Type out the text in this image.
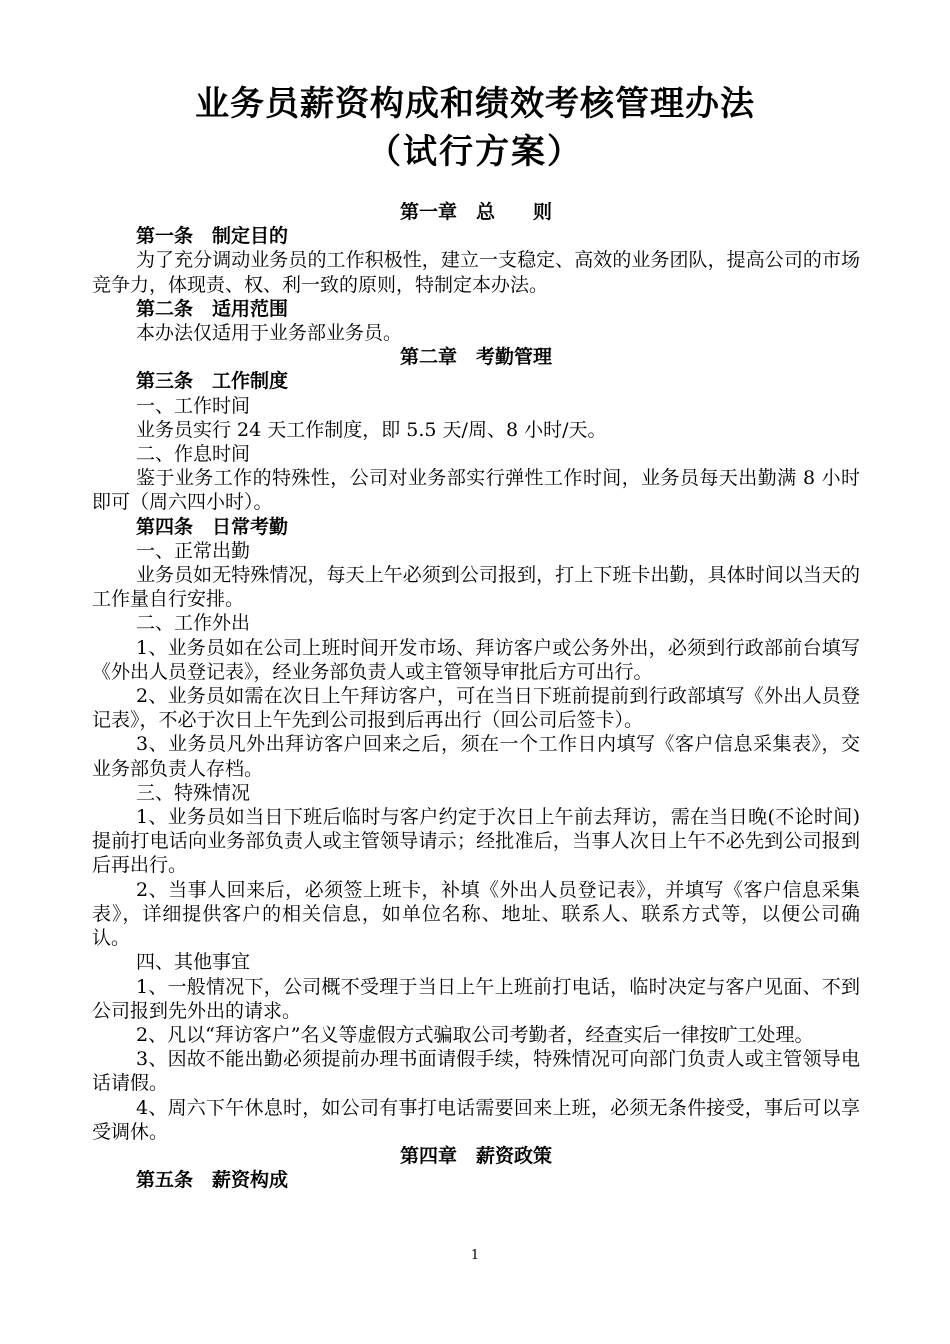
业务员薪资构成和绩效考核管理办法
（试行方案）

第一章　总　　则

第一条　制定目的

为了充分调动业务员的工作积极性，建立一支稳定、高效的业务团队，提高公司的市场竞争力，体现责、权、利一致的原则，特制定本办法。

第二条　适用范围

本办法仅适用于业务部业务员。

第二章　考勤管理

第三条　工作制度

一、工作时间

业务员实行 24 天工作制度，即 5.5 天/周、8 小时/天。

二、作息时间

鉴于业务工作的特殊性，公司对业务部实行弹性工作时间，业务员每天出勤满 8 小时即可（周六四小时）。

第四条　日常考勤

一、正常出勤

业务员如无特殊情况，每天上午必须到公司报到，打上下班卡出勤，具体时间以当天的工作量自行安排。

二、工作外出

1、业务员如在公司上班时间开发市场、拜访客户或公务外出，必须到行政部前台填写《外出人员登记表》，经业务部负责人或主管领导审批后方可出行。

2、业务员如需在次日上午拜访客户，可在当日下班前提前到行政部填写《外出人员登记表》，不必于次日上午先到公司报到后再出行（回公司后签卡）。

3、业务员凡外出拜访客户回来之后，须在一个工作日内填写《客户信息采集表》，交业务部负责人存档。

三、特殊情况

1、业务员如当日下班后临时与客户约定于次日上午前去拜访，需在当日晚(不论时间)提前打电话向业务部负责人或主管领导请示；经批准后，当事人次日上午不必先到公司报到后再出行。

2、当事人回来后，必须签上班卡，补填《外出人员登记表》，并填写《客户信息采集表》，详细提供客户的相关信息，如单位名称、地址、联系人、联系方式等，以便公司确认。

四、其他事宜

1、一般情况下，公司概不受理于当日上午上班前打电话，临时决定与客户见面、不到公司报到先外出的请求。

2、凡以“拜访客户”名义等虚假方式骗取公司考勤者，经查实后一律按旷工处理。

3、因故不能出勤必须提前办理书面请假手续，特殊情况可向部门负责人或主管领导电话请假。

4、周六下午休息时，如公司有事打电话需要回来上班，必须无条件接受，事后可以享受调休。

第四章　薪资政策

第五条　薪资构成

1
